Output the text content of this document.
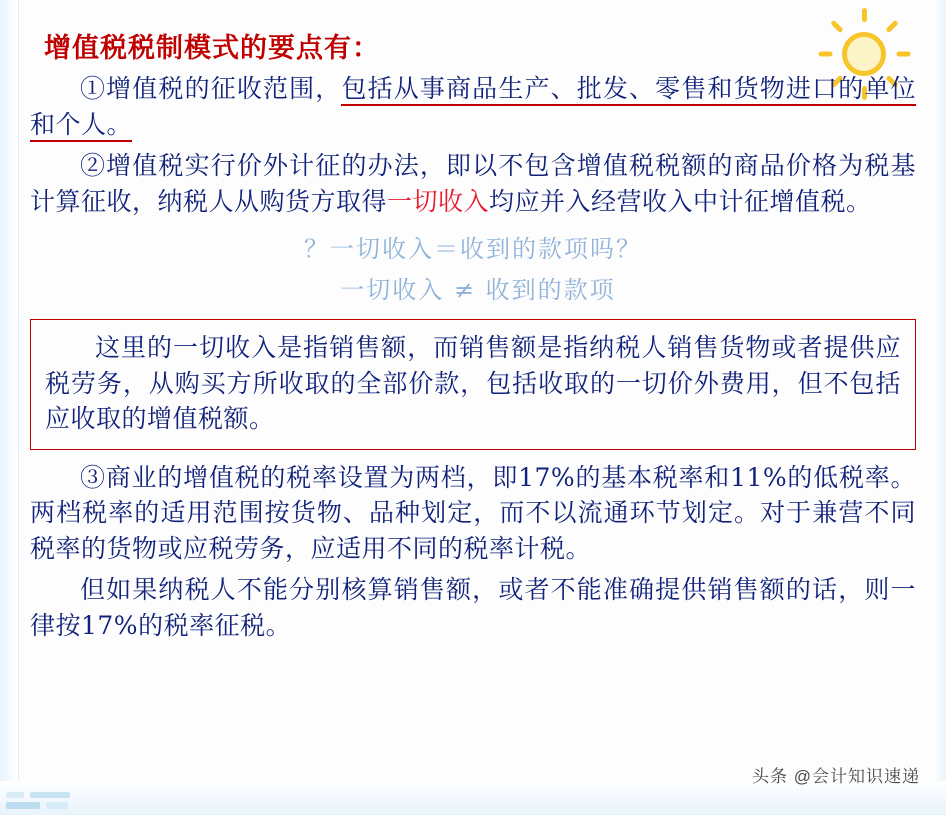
增值税税制模式的要点有：
①增值税的征收范围，包括从事商品生产、批发、零售和货物进口的单位和个人。
②增值税实行价外计征的办法，即以不包含增值税税额的商品价格为税基计算征收，纳税人从购货方取得一切收入均应并入经营收入中计征增值税。
？一切收入＝收到的款项吗？
一切收入 ≠ 收到的款项
这里的一切收入是指销售额，而销售额是指纳税人销售货物或者提供应税劳务，从购买方所收取的全部价款，包括收取的一切价外费用，但不包括应收取的增值税额。
③商业的增值税的税率设置为两档，即17%的基本税率和11%的低税率。两档税率的适用范围按货物、品种划定，而不以流通环节划定。对于兼营不同税率的货物或应税劳务，应适用不同的税率计税。
但如果纳税人不能分别核算销售额，或者不能准确提供销售额的话，则一律按17%的税率征税。
头条 @会计知识速递
